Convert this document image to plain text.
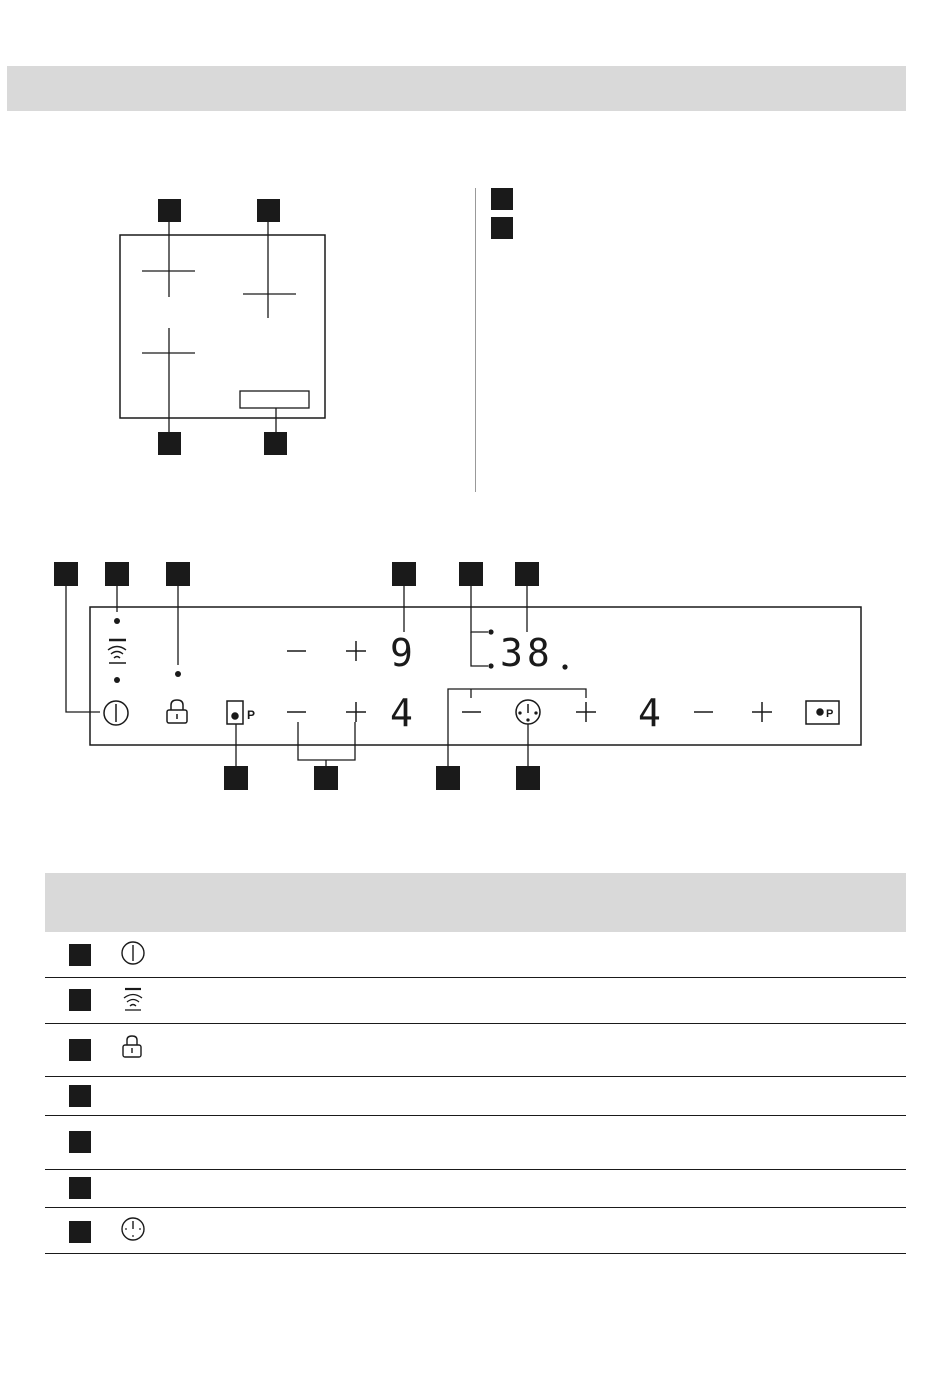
P	P
9
4
38
4
